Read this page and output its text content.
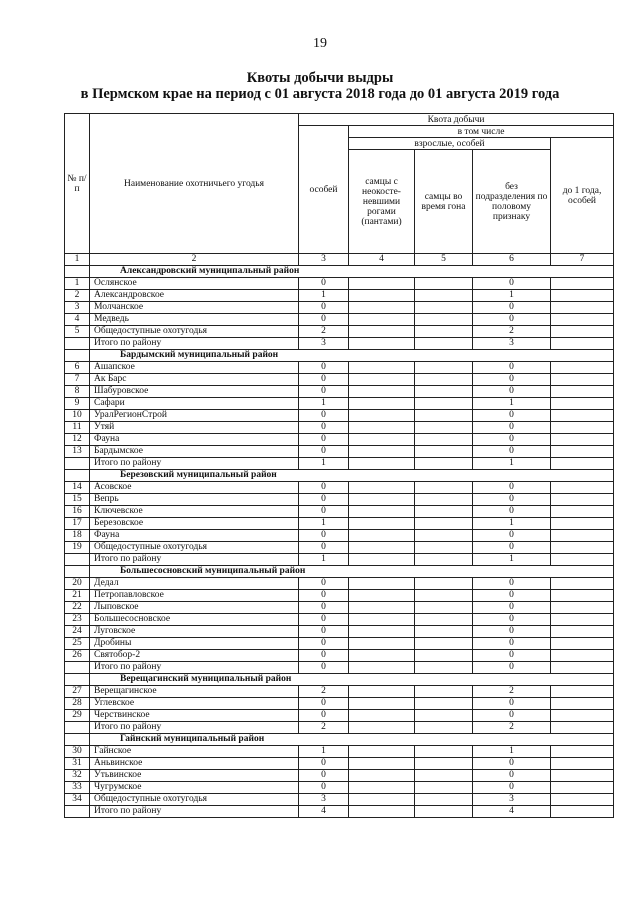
19
Квоты добычи выдры
в Пермском крае на период с 01 августа 2018 года до 01 августа 2019 года
№ п/п	Наименование охотничьего угодья	Квота добычи				
		особей	в том числе			
			взрослые, особей			до 1 года, особей
			самцы с неокосте-невшими рогами (пантами)	самцы во время гона	без подразделения по половому признаку	
1	2	3	4	5	6	7
	Александровский муниципальный район					
1	Ослянское	0			0	
2	Александровское	1			1	
3	Молчанское	0			0	
4	Медведь	0			0	
5	Общедоступные охотугодья	2			2	
	Итого по району	3			3	
	Бардымский муниципальный район					
6	Ашапское	0			0	
7	Ак Барс	0			0	
8	Шабуровское	0			0	
9	Сафари	1			1	
10	УралРегионСтрой	0			0	
11	Утяй	0			0	
12	Фауна	0			0	
13	Бардымское	0			0	
	Итого по району	1			1	
	Березовский муниципальный район					
14	Асовское	0			0	
15	Вепрь	0			0	
16	Ключевское	0			0	
17	Березовское	1			1	
18	Фауна	0			0	
19	Общедоступные охотугодья	0			0	
	Итого по району	1			1	
	Большесосновский муниципальный район					
20	Дедал	0			0	
21	Петропавловское	0			0	
22	Лыповское	0			0	
23	Большесосновское	0			0	
24	Луговское	0			0	
25	Дробины	0			0	
26	Святобор-2	0			0	
	Итого по району	0			0	
	Верещагинский муниципальный район					
27	Верещагинское	2			2	
28	Углевское	0			0	
29	Черствинское	0			0	
	Итого по району	2			2	
	Гайнский муниципальный район					
30	Гайнское	1			1	
31	Аньвинское	0			0	
32	Утьвинское	0			0	
33	Чугрумское	0			0	
34	Общедоступные охотугодья	3			3	
	Итого по району	4			4	
